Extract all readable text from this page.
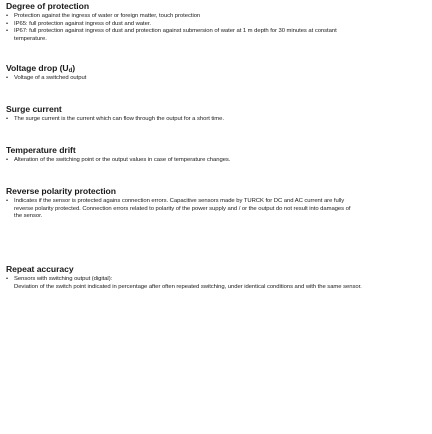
Degree of protection

• Protection against the ingress of water or foreign matter, touch protection
• IP65: full protection against ingress of dust and water.
• IP67: full protection against ingress of dust and protection against submersion of water at 1 m depth for 30 minutes at constant temperature.

Voltage drop $(U_d)$

• Voltage of a switched output

Surge current

• The surge current is the current which can flow through the output for a short time.

Temperature drift

• Alteration of the switching point or the output values in case of temperature changes.

Reverse polarity protection

• Indicates if the sensor is protected agains connection errors. Capacitive sensors made by TURCK for DC and AC current are fully reverse polarity protected. Connection errors related to polarity of the power supply and / or the output do not result into damages of the sensor.

Repeat accuracy

• Sensors with switching output (digital):
Deviation of the switch point indicated in percentage after often repeated switching, under identical conditions and with the same sensor.
